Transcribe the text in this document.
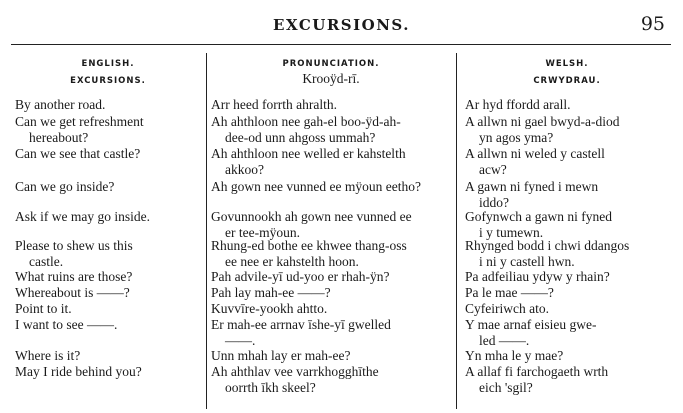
EXCURSIONS.	95
ENGLISH.
EXCURSIONS.
By another road.
Can we get refreshment
hereabout?
Can we see that castle?
Can we go inside?
Ask if we may go inside.
Please to shew us this
castle.
What ruins are those?
Whereabout is ——?
Point to it.
I want to see ——.
Where is it?
May I ride behind you?
PRONUNCIATION.
Krooÿd-rī.
Arr heed forrth ahralth.
Ah ahthloon nee gah-el boo-ÿd-ah-
dee-od unn ahgoss ummah?
Ah ahthloon nee welled er kahstelth
akkoo?
Ah gown nee vunned ee mÿoun eetho?
Govunnookh ah gown nee vunned ee
er tee-mÿoun.
Rhung-ed bothe ee khwee thang-oss
ee nee er kahstelth hoon.
Pah advile-yī ud-yoo er rhah-ÿn?
Pah lay mah-ee ——?
Kuvvīre-yookh ahtto.
Er mah-ee arrnav īshe-yī gwelled
——.
Unn mhah lay er mah-ee?
Ah ahthlav vee varrkhogghīthe
oorrth īkh skeel?
WELSH.
CRWYDRAU.
Ar hyd ffordd arall.
A allwn ni gael bwyd-a-diod
yn agos yma?
A allwn ni weled y castell
acw?
A gawn ni fyned i mewn
iddo?
Gofynwch a gawn ni fyned
i y tumewn.
Rhynged bodd i chwi ddangos
i ni y castell hwn.
Pa adfeiliau ydyw y rhain?
Pa le mae ——?
Cyfeiriwch ato.
Y mae arnaf eisieu gwe-
led ——.
Yn mha le y mae?
A allaf fi farchogaeth wrth
eich 'sgil?
